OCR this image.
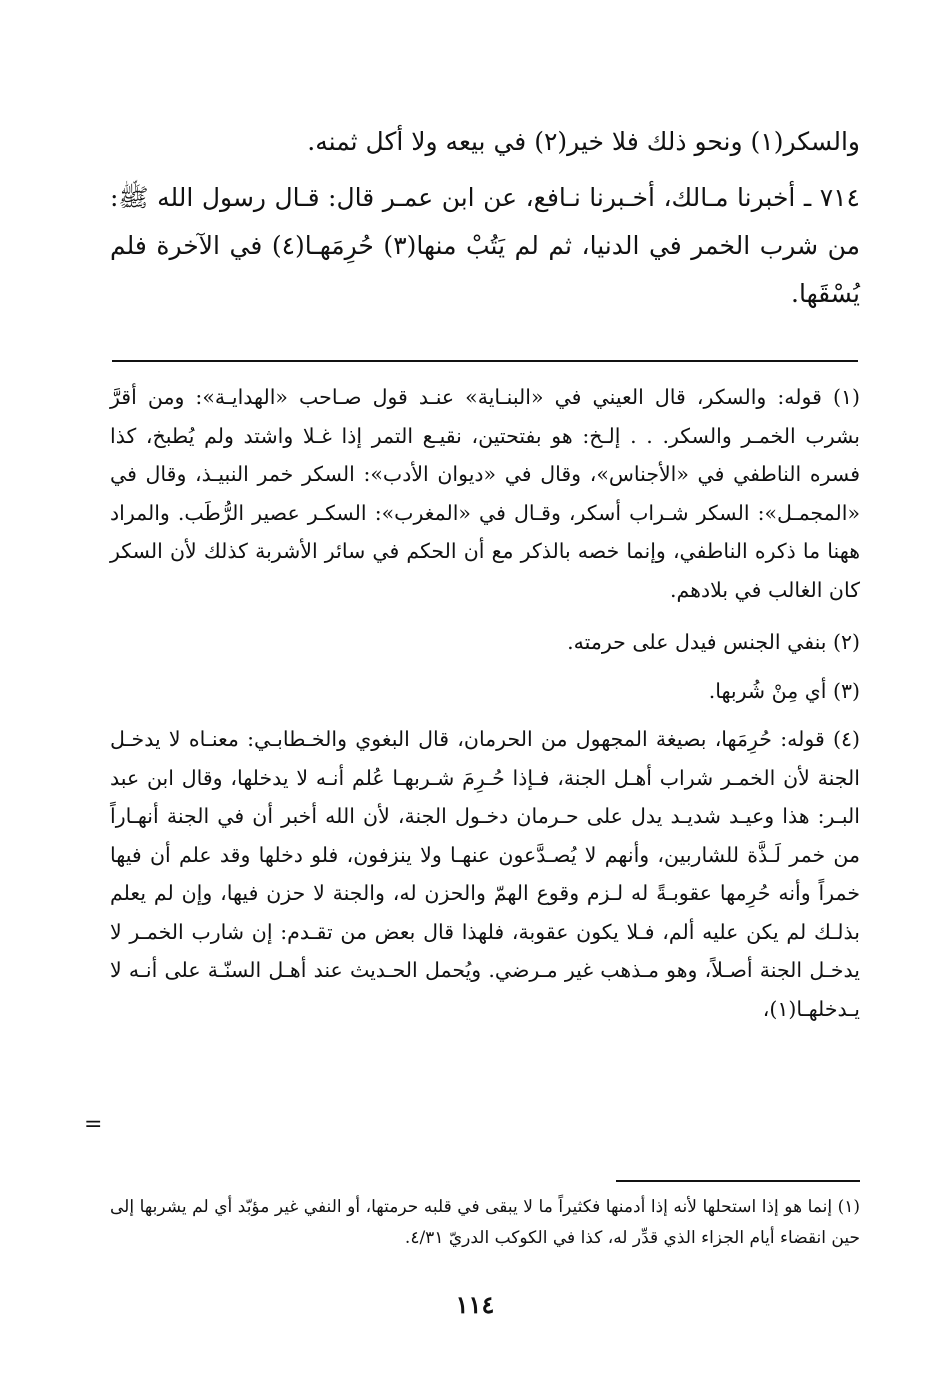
والسكر(١) ونحو ذلك فلا خير(٢) في بيعه ولا أكل ثمنه.

٧١٤ ـ أخبرنا مـالك، أخـبرنا نـافع، عن ابن عمـر قال: قـال رسول الله ﷺ: من شرب الخمر في الدنيا، ثم لم يَتُبْ منها(٣) حُرِمَهـا(٤) في الآخرة فلم يُسْقَها.

(١) قوله: والسكر، قال العيني في «البنـاية» عنـد قول صـاحب «الهدايـة»: ومن أقرَّ بشرب الخمـر والسكر. . . إلـخ: هو بفتحتين، نقيـع التمر إذا غـلا واشتد ولم يُطبخ، كذا فسره الناطفي في «الأجناس»، وقال في «ديوان الأدب»: السكر خمر النبيـذ، وقال في «المجمـل»: السكر شـراب أسكر، وقـال في «المغرب»: السكـر عصير الرُّطَب. والمراد ههنا ما ذكره الناطفي، وإنما خصه بالذكر مع أن الحكم في سائر الأشربة كذلك لأن السكر كان الغالب في بلادهم.

(٢) بنفي الجنس فيدل على حرمته.

(٣) أي مِنْ شُربها.

(٤) قوله: حُرِمَها، بصيغة المجهول من الحرمان، قال البغوي والخـطابـي: معنـاه لا يدخـل الجنة لأن الخمـر شراب أهـل الجنة، فـإذا حُـرِمَ شـربهـا عُلم أنـه لا يدخلها، وقال ابن عبد البـر: هذا وعيـد شديـد يدل على حـرمان دخـول الجنة، لأن الله أخبر أن في الجنة أنهـاراً من خمر لَـذَّة للشاربين، وأنهم لا يُصـدَّعون عنهـا ولا ينزفون، فلو دخلها وقد علم أن فيها خمراً وأنه حُرِمها عقوبـةً له لـزم وقوع الهمّ والحزن له، والجنة لا حزن فيها، وإن لم يعلم بذلـك لم يكن عليه ألم، فـلا يكون عقوبة، فلهذا قال بعض من تقـدم: إن شارب الخمـر لا يدخـل الجنة أصـلاً، وهو مـذهب غير مـرضي. ويُحمل الحـديث عند أهـل السنّـة على أنـه لا يـدخلهـا(١)،

=

(١) إنما هو إذا استحلها لأنه إذا أدمنها فكثيراً ما لا يبقى في قلبه حرمتها، أو النفي غير مؤبّد أي لم يشربها إلى حين انقضاء أيام الجزاء الذي قدِّر له، كذا في الكوكب الدريّ ٤/٣١.

١١٤
